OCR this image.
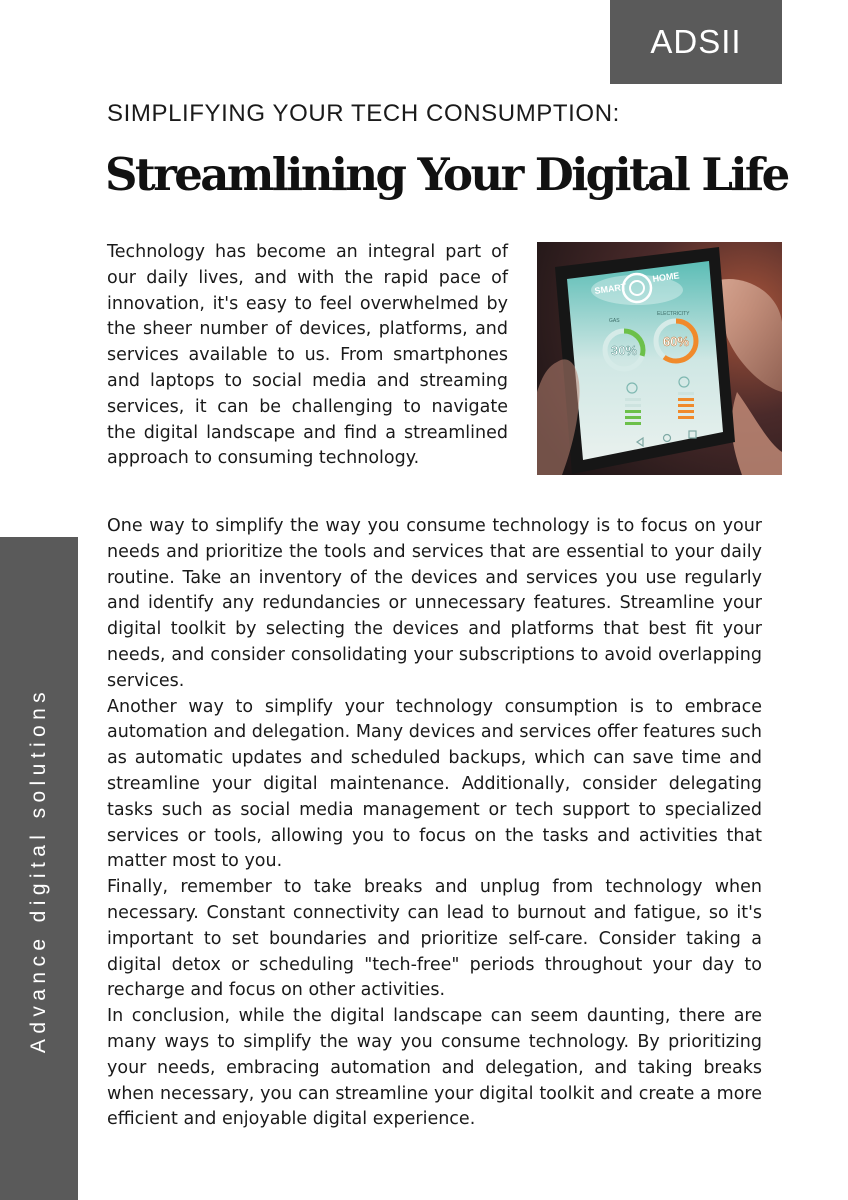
ADSII
Advance digital solutions
SIMPLIFYING YOUR TECH CONSUMPTION:
Streamlining Your Digital Life

Technology has become an integral part of our daily lives, and with the rapid pace of innovation, it's easy to feel overwhelmed by the sheer number of devices, platforms, and services available to us. From smartphones and laptops to social media and streaming services, it can be challenging to navigate the digital landscape and find a streamlined approach to consuming technology.

SMART
HOME
GAS
ELECTRICITY
30%
60%

One way to simplify the way you consume technology is to focus on your needs and prioritize the tools and services that are essential to your daily routine. Take an inventory of the devices and services you use regularly and identify any redundancies or unnecessary features. Streamline your digital toolkit by selecting the devices and platforms that best fit your needs, and consider consolidating your subscriptions to avoid overlapping services.

Another way to simplify your technology consumption is to embrace automation and delegation. Many devices and services offer features such as automatic updates and scheduled backups, which can save time and streamline your digital maintenance. Additionally, consider delegating tasks such as social media management or tech support to specialized services or tools, allowing you to focus on the tasks and activities that matter most to you.

Finally, remember to take breaks and unplug from technology when necessary. Constant connectivity can lead to burnout and fatigue, so it's important to set boundaries and prioritize self-care. Consider taking a digital detox or scheduling "tech-free" periods throughout your day to recharge and focus on other activities.

In conclusion, while the digital landscape can seem daunting, there are many ways to simplify the way you consume technology. By prioritizing your needs, embracing automation and delegation, and taking breaks when necessary, you can streamline your digital toolkit and create a more efficient and enjoyable digital experience.
